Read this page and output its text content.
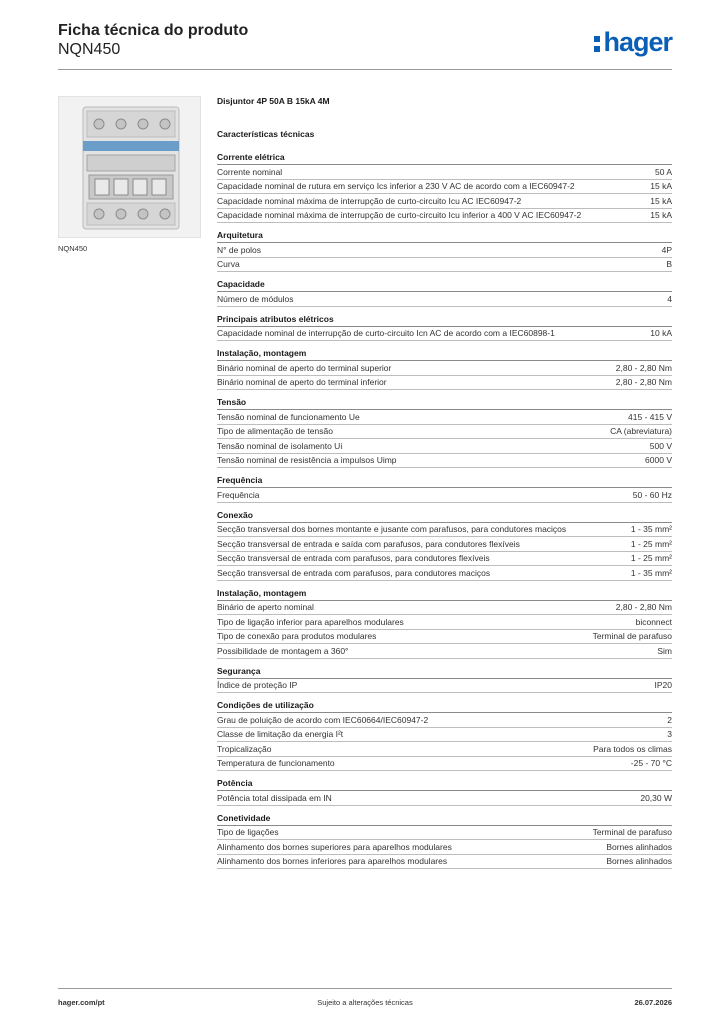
Ficha técnica do produto
NQN450	hager
NQN450
Disjuntor 4P 50A B 15kA 4M
Características técnicas
Corrente elétrica
Corrente nominal	50 A
Capacidade nominal de rutura em serviço Ics inferior a 230 V AC de acordo com a IEC60947-2	15 kA
Capacidade nominal máxima de interrupção de curto-circuito Icu AC IEC60947-2	15 kA
Capacidade nominal máxima de interrupção de curto-circuito Icu inferior a 400 V AC IEC60947-2	15 kA
Arquitetura
N° de polos	4P
Curva	B
Capacidade
Número de módulos	4
Principais atributos elétricos
Capacidade nominal de interrupção de curto-circuito Icn AC de acordo com a IEC60898-1	10 kA
Instalação, montagem
Binário nominal de aperto do terminal superior	2,80 - 2,80 Nm
Binário nominal de aperto do terminal inferior	2,80 - 2,80 Nm
Tensão
Tensão nominal de funcionamento Ue	415 - 415 V
Tipo de alimentação de tensão	CA (abreviatura)
Tensão nominal de isolamento Ui	500 V
Tensão nominal de resistência a impulsos Uimp	6000 V
Frequência
Frequência	50 - 60 Hz
Conexão
Secção transversal dos bornes montante e jusante com parafusos, para condutores maciços	1 - 35 mm²
Secção transversal de entrada e saída com parafusos, para condutores flexíveis	1 - 25 mm²
Secção transversal de entrada com parafusos, para condutores flexíveis	1 - 25 mm²
Secção transversal de entrada com parafusos, para condutores maciços	1 - 35 mm²
Instalação, montagem
Binário de aperto nominal	2,80 - 2,80 Nm
Tipo de ligação inferior para aparelhos modulares	biconnect
Tipo de conexão para produtos modulares	Terminal de parafuso
Possibilidade de montagem a 360°	Sim
Segurança
Índice de proteção IP	IP20
Condições de utilização
Grau de poluição de acordo com IEC60664/IEC60947-2	2
Classe de limitação da energia I²t	3
Tropicalização	Para todos os climas
Temperatura de funcionamento	-25 - 70 °C
Potência
Potência total dissipada em IN	20,30 W
Conetividade
Tipo de ligações	Terminal de parafuso
Alinhamento dos bornes superiores para aparelhos modulares	Bornes alinhados
Alinhamento dos bornes inferiores para aparelhos modulares	Bornes alinhados
hager.com/pt	Sujeito a alterações técnicas	26.07.2026
